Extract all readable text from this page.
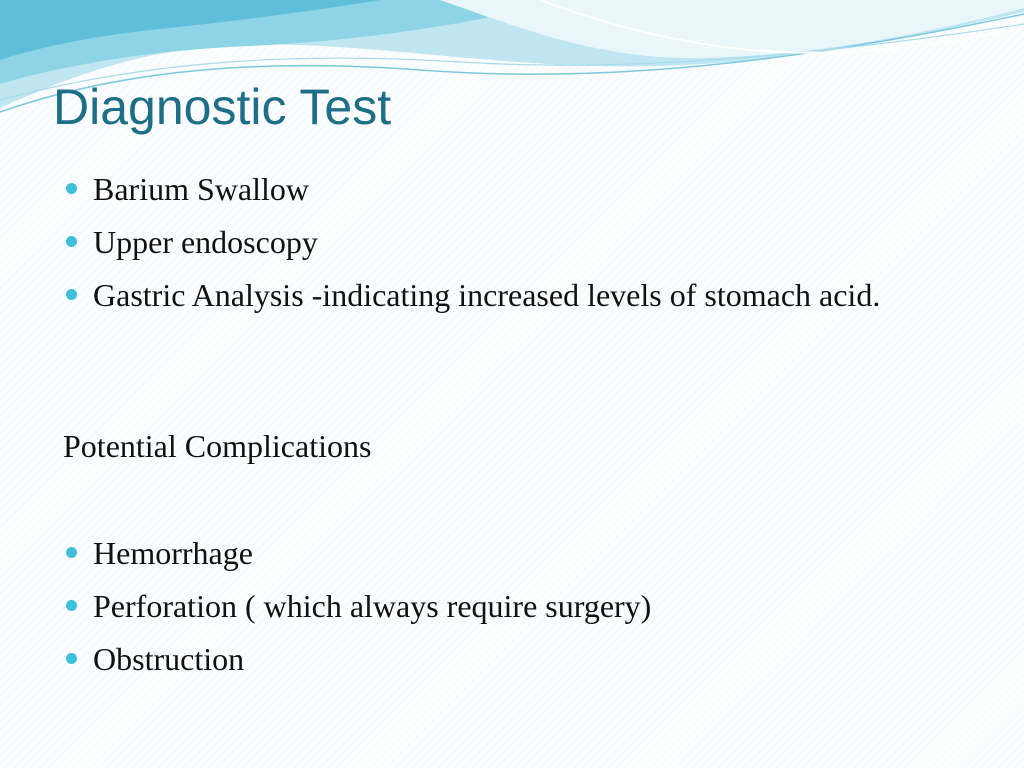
Diagnostic Test
Barium Swallow
Upper endoscopy
Gastric Analysis -indicating increased levels of stomach acid.

Potential Complications

Hemorrhage
Perforation ( which always require surgery)
Obstruction
